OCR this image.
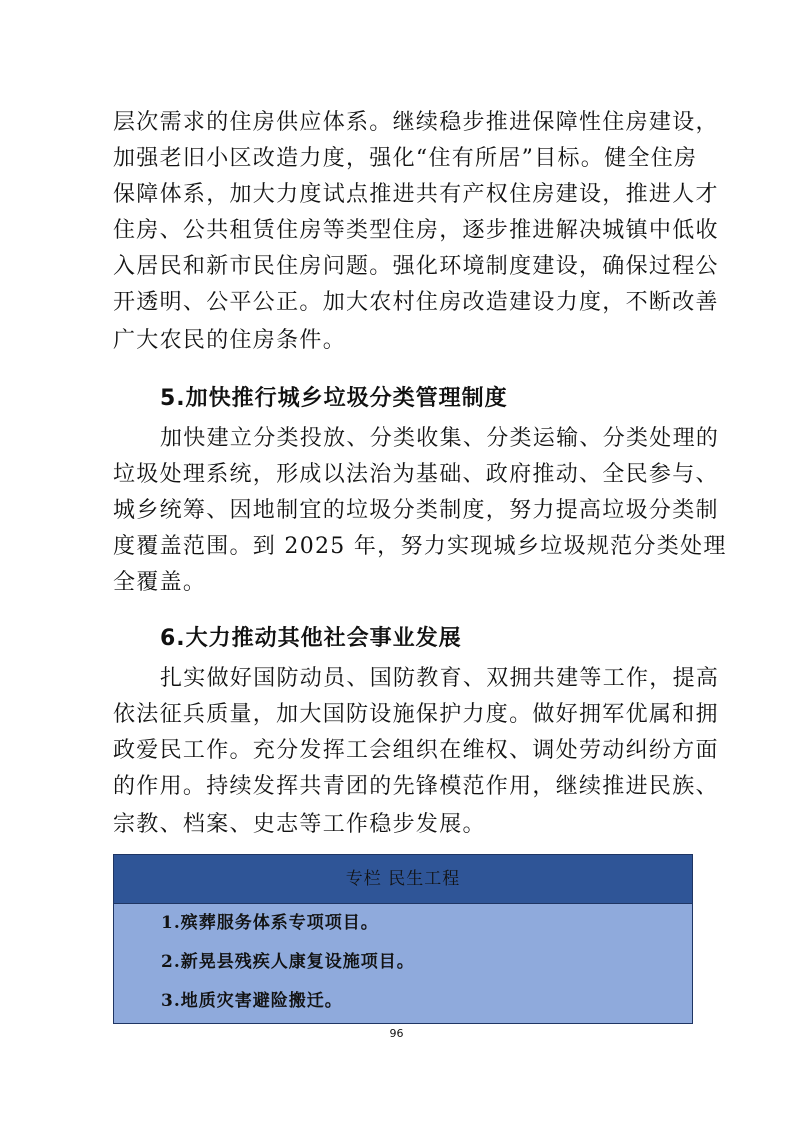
层次需求的住房供应体系。继续稳步推进保障性住房建设，
加强老旧小区改造力度，强化“住有所居”目标。健全住房
保障体系，加大力度试点推进共有产权住房建设，推进人才
住房、公共租赁住房等类型住房，逐步推进解决城镇中低收
入居民和新市民住房问题。强化环境制度建设，确保过程公
开透明、公平公正。加大农村住房改造建设力度，不断改善
广大农民的住房条件。
5.加快推行城乡垃圾分类管理制度
加快建立分类投放、分类收集、分类运输、分类处理的
垃圾处理系统，形成以法治为基础、政府推动、全民参与、
城乡统筹、因地制宜的垃圾分类制度，努力提高垃圾分类制
度覆盖范围。到 2025 年，努力实现城乡垃圾规范分类处理
全覆盖。
6.大力推动其他社会事业发展
扎实做好国防动员、国防教育、双拥共建等工作，提高
依法征兵质量，加大国防设施保护力度。做好拥军优属和拥
政爱民工作。充分发挥工会组织在维权、调处劳动纠纷方面
的作用。持续发挥共青团的先锋模范作用，继续推进民族、
宗教、档案、史志等工作稳步发展。
专栏 民生工程
1.殡葬服务体系专项项目。
2.新晃县残疾人康复设施项目。
3.地质灾害避险搬迁。
96
